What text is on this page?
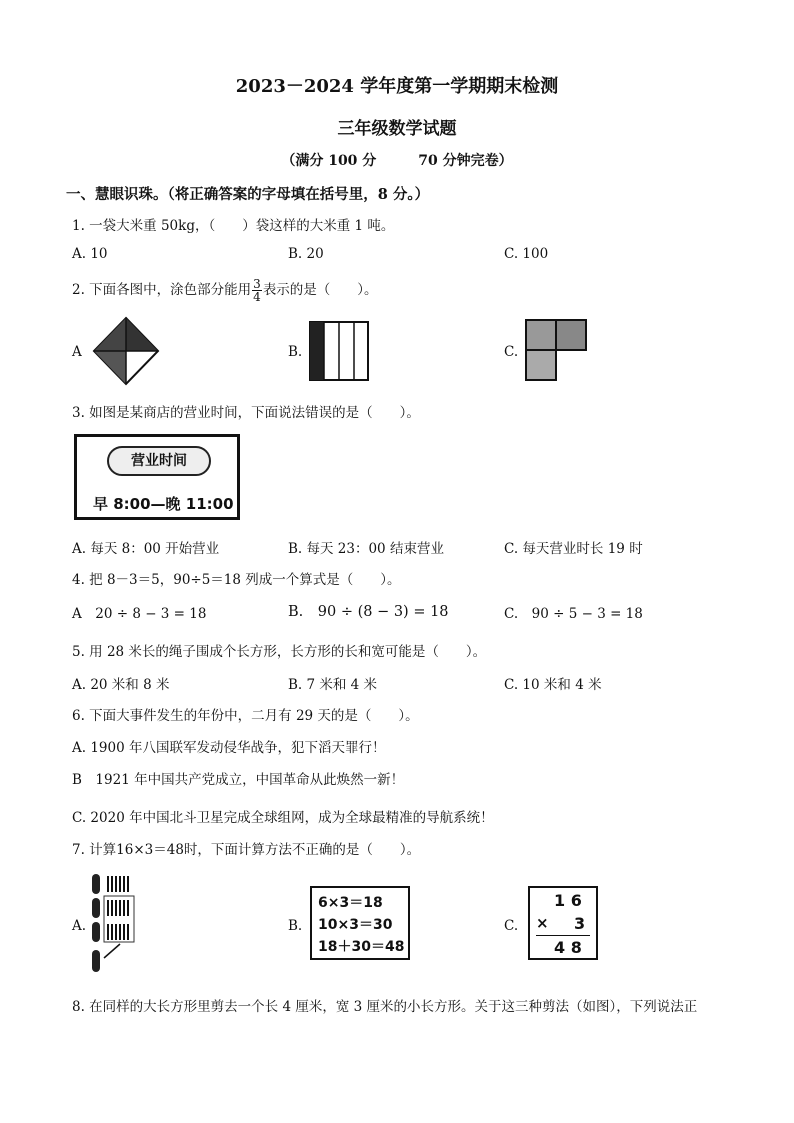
2023－2024 学年度第一学期期末检测
三年级数学试题
（满分 100 分　　　70 分钟完卷）
一、慧眼识珠。（将正确答案的字母填在括号里，8 分。）
1. 一袋大米重 50kg，（　　）袋这样的大米重 1 吨。
A. 10	B. 20	C. 100
2. 下面各图中，涂色部分能用 $\frac{3}{4}$ 表示的是（　　）。
A	B.	C.
3. 如图是某商店的营业时间，下面说法错误的是（　　）。
营业时间
早 8:00—晚 11:00
A. 每天 8：00 开始营业	B. 每天 23：00 结束营业	C. 每天营业时长 19 时
4. 把 8－3＝5，90÷5＝18 列成一个算式是（　　）。
A　20 ÷ 8 − 3 = 18	B.　90 ÷ (8 − 3) = 18	C.　90 ÷ 5 − 3 = 18
5. 用 28 米长的绳子围成个长方形，长方形的长和宽可能是（　　）。
A. 20 米和 8 米	B. 7 米和 4 米	C. 10 米和 4 米
6. 下面大事件发生的年份中，二月有 29 天的是（　　）。
A. 1900 年八国联军发动侵华战争，犯下滔天罪行！
B　1921 年中国共产党成立，中国革命从此焕然一新！
C. 2020 年中国北斗卫星完成全球组网，成为全球最精准的导航系统！
7. 计算16×3＝48时，下面计算方法不正确的是（　　）。
A.	B.
6×3＝18
10×3＝30
18＋30＝48
C.
1 6
× 3
4 8
8. 在同样的大长方形里剪去一个长 4 厘米，宽 3 厘米的小长方形。关于这三种剪法（如图），下列说法正
